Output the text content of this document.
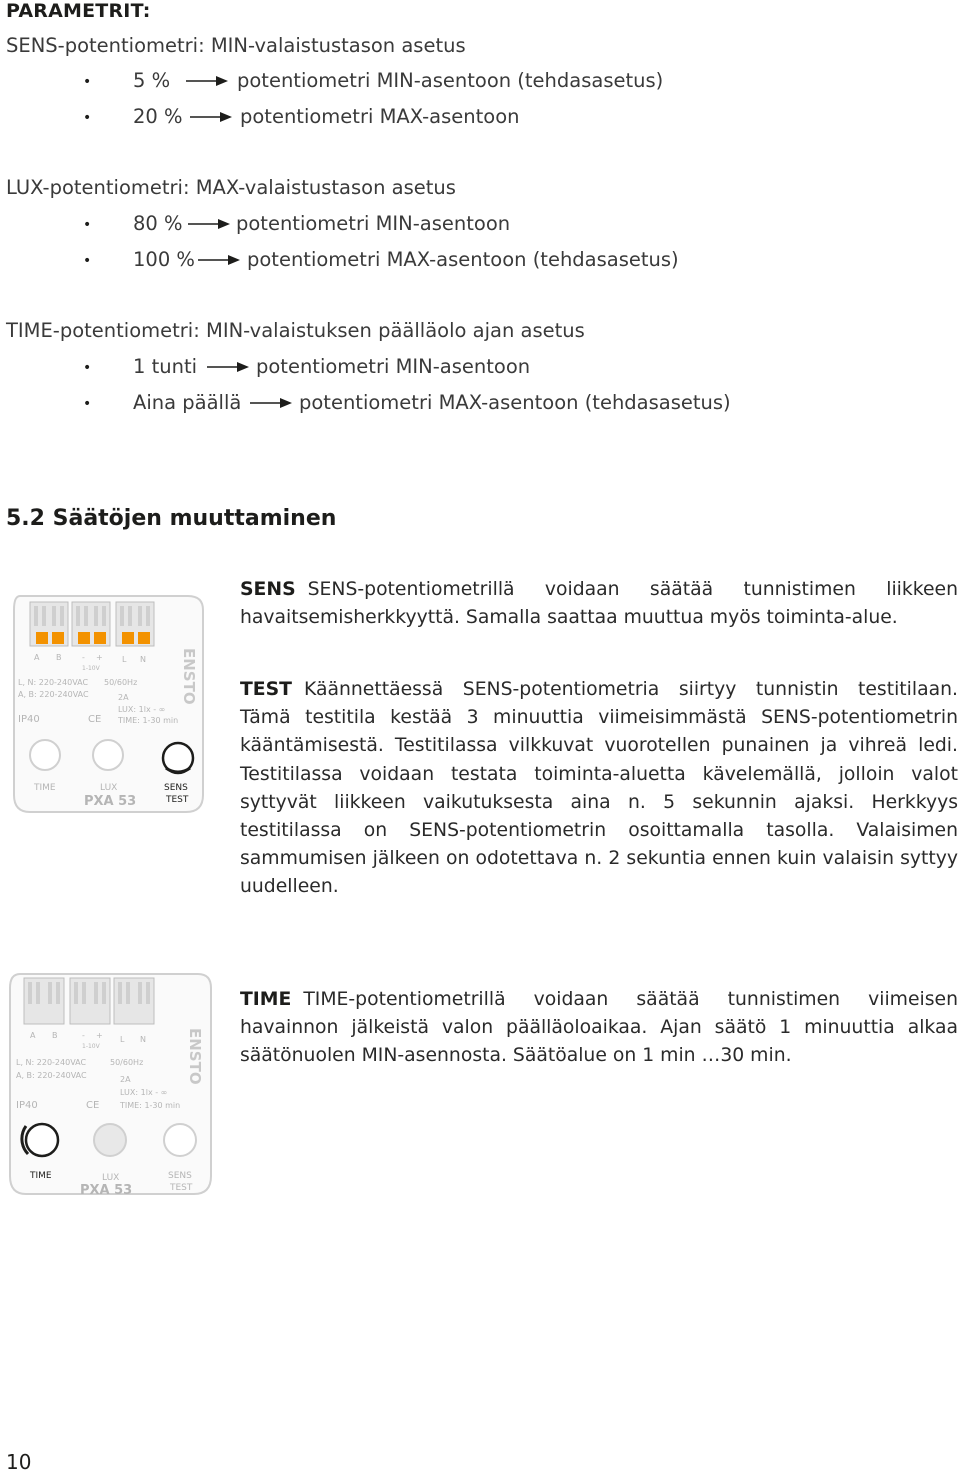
PARAMETRIT:
SENS-potentiometri: MIN-valaistustason asetus
• 5 %	potentiometri MIN-asentoon (tehdasasetus)
• 20 %	potentiometri MAX-asentoon
LUX-potentiometri: MAX-valaistustason asetus
• 80 %	potentiometri MIN-asentoon
• 100 %	potentiometri MAX-asentoon (tehdasasetus)
TIME-potentiometri: MIN-valaistuksen päälläolo ajan asetus
• 1 tunti	potentiometri MIN-asentoon
• Aina päällä	potentiometri MAX-asentoon (tehdasasetus)
5.2 Säätöjen muuttaminen
A B	- + L N
1-10V
L, N: 220-240VAC
A, B: 220-240VAC
50/60Hz
2A
LUX: 1lx - ∞
TIME: 1-30 min
IP40	CE
ENSTO
TIME	LUX
PXA 53
SENS
TEST
SENS SENS-potentiometrillä voidaan säätää tunnistimen liikkeen havaitsemisherkkyyttä. Samalla saattaa muuttua myös toiminta-alue.
TEST Käännettäessä SENS-potentiometria siirtyy tunnistin testitilaan. Tämä testitila kestää 3 minuuttia viimeisimmästä SENS-potentiometrin kääntämisestä. Testitilassa vilkkuvat vuorotellen punainen ja vihreä ledi. Testitilassa voidaan testata toiminta-aluetta kävelemällä, jolloin valot syttyvät liikkeen vaikutuksesta aina n. 5 sekunnin ajaksi. Herkkyys testitilassa on SENS-potentiometrin osoittamalla tasolla. Valaisimen sammumisen jälkeen on odotettava n. 2 sekuntia ennen kuin valaisin syttyy uudelleen.
A B	- + L N
1-10V
L, N: 220-240VAC
A, B: 220-240VAC
50/60Hz
2A
LUX: 1lx - ∞
TIME: 1-30 min
IP40	CE
ENSTO
TIME	LUX	SENS
TEST
PXA 53
TIME TIME-potentiometrillä voidaan säätää tunnistimen viimeisen havainnon jälkeistä valon päälläoloaikaa. Ajan säätö 1 minuuttia alkaa säätönuolen MIN-asennosta. Säätöalue on 1 min …30 min.
10
